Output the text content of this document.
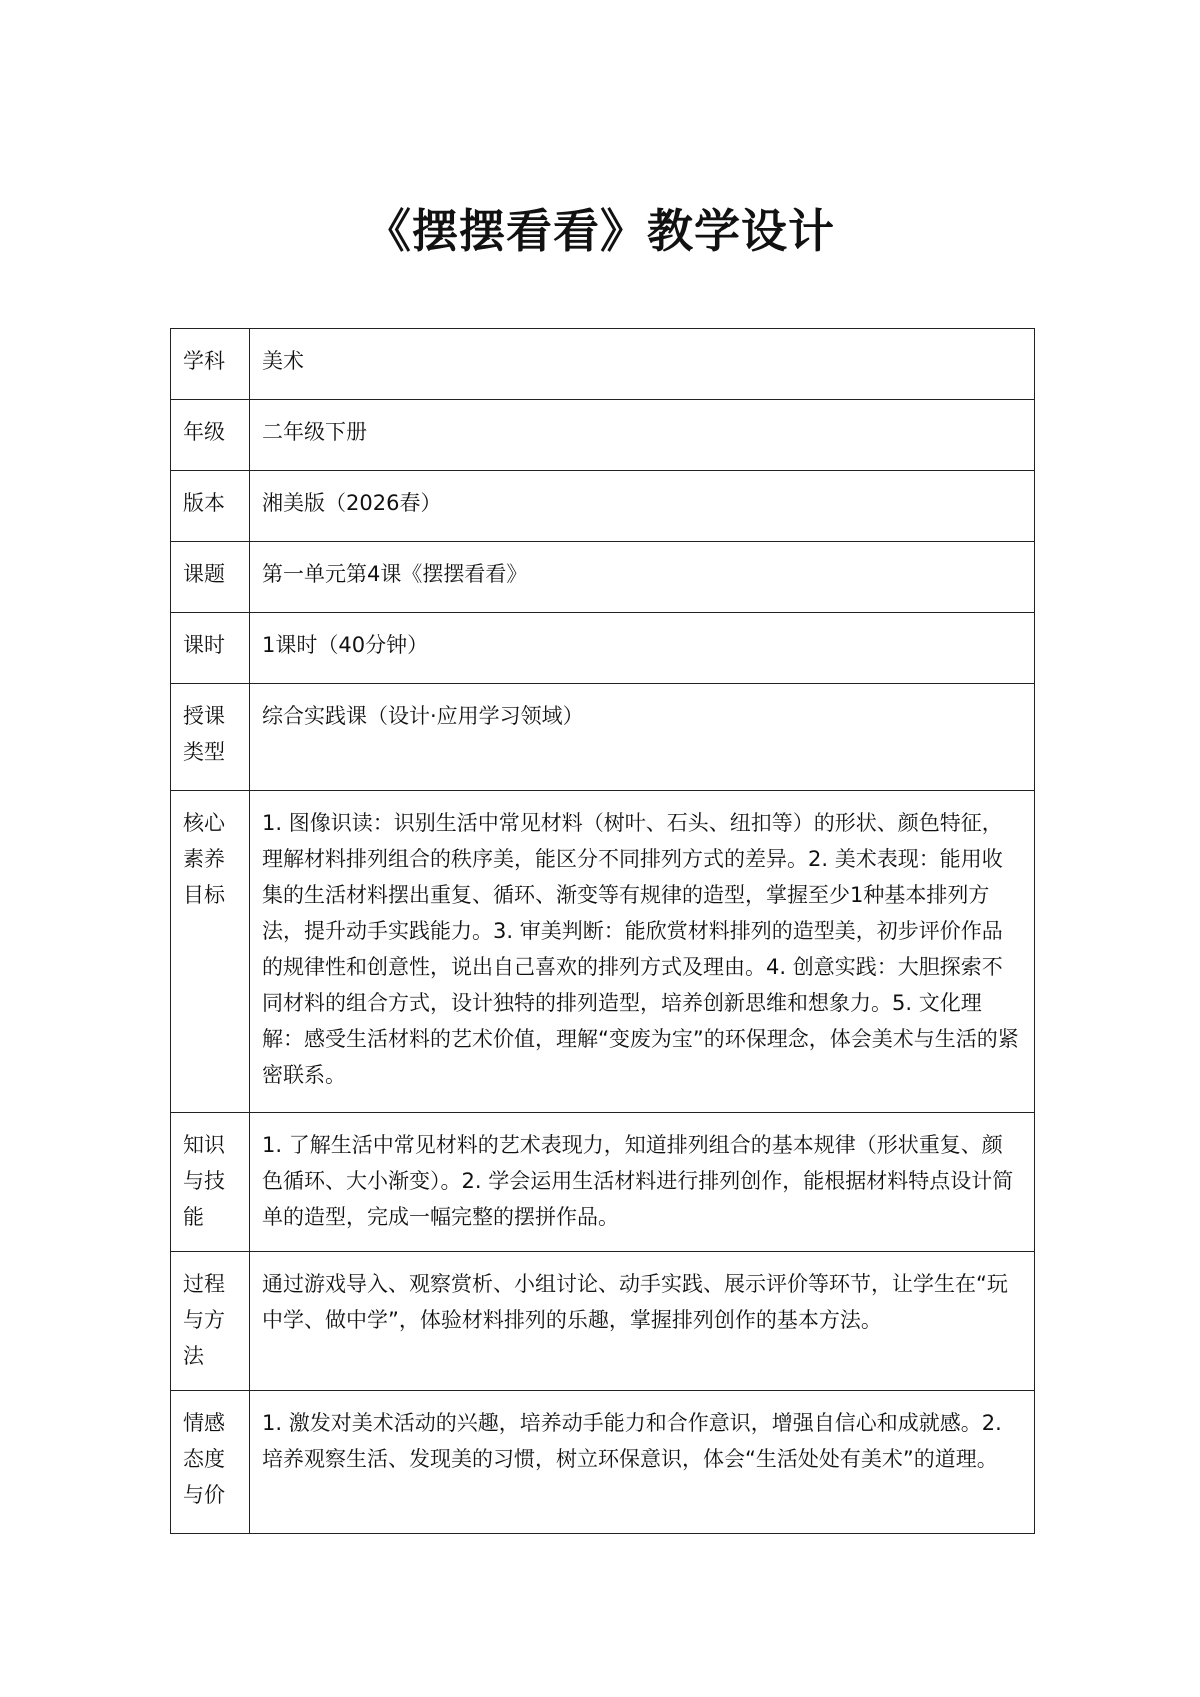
《摆摆看看》教学设计
学科	美术
年级	二年级下册
版本	湘美版（2026春）
课题	第一单元第4课《摆摆看看》
课时	1课时（40分钟）
授课类型	综合实践课（设计·应用学习领域）
核心素养目标	1. 图像识读：识别生活中常见材料（树叶、石头、纽扣等）的形状、颜色特征，理解材料排列组合的秩序美，能区分不同排列方式的差异。2. 美术表现：能用收集的生活材料摆出重复、循环、渐变等有规律的造型，掌握至少1种基本排列方法，提升动手实践能力。3. 审美判断：能欣赏材料排列的造型美，初步评价作品的规律性和创意性，说出自己喜欢的排列方式及理由。4. 创意实践：大胆探索不同材料的组合方式，设计独特的排列造型，培养创新思维和想象力。5. 文化理解：感受生活材料的艺术价值，理解“变废为宝”的环保理念，体会美术与生活的紧密联系。
知识与技能	1. 了解生活中常见材料的艺术表现力，知道排列组合的基本规律（形状重复、颜色循环、大小渐变）。2. 学会运用生活材料进行排列创作，能根据材料特点设计简单的造型，完成一幅完整的摆拼作品。
过程与方法	通过游戏导入、观察赏析、小组讨论、动手实践、展示评价等环节，让学生在“玩中学、做中学”，体验材料排列的乐趣，掌握排列创作的基本方法。
情感态度与价	1. 激发对美术活动的兴趣，培养动手能力和合作意识，增强自信心和成就感。2. 培养观察生活、发现美的习惯，树立环保意识，体会“生活处处有美术”的道理。
